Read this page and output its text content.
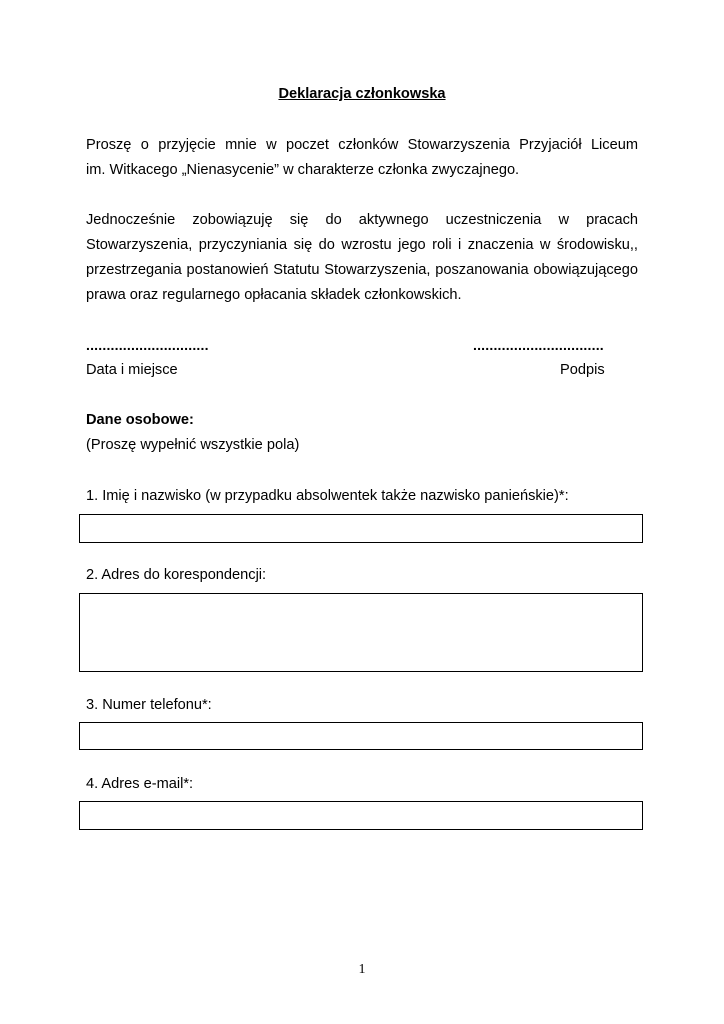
Deklaracja członkowska
Proszę o przyjęcie mnie w poczet członków Stowarzyszenia Przyjaciół Liceum
im. Witkacego „Nienasycenie” w charakterze członka zwyczajnego.
Jednocześnie zobowiązuję się do aktywnego uczestniczenia w pracach
Stowarzyszenia, przyczyniania się do wzrostu jego roli i znaczenia w środowisku,,
przestrzegania postanowień Statutu Stowarzyszenia, poszanowania obowiązującego
prawa oraz regularnego opłacania składek członkowskich.
..............................	................................
Data i miejsce	Podpis
Dane osobowe:
(Proszę wypełnić wszystkie pola)
1. Imię i nazwisko (w przypadku absolwentek także nazwisko panieńskie)*:
2. Adres do korespondencji:
3. Numer telefonu*:
4. Adres e-mail*:
1
